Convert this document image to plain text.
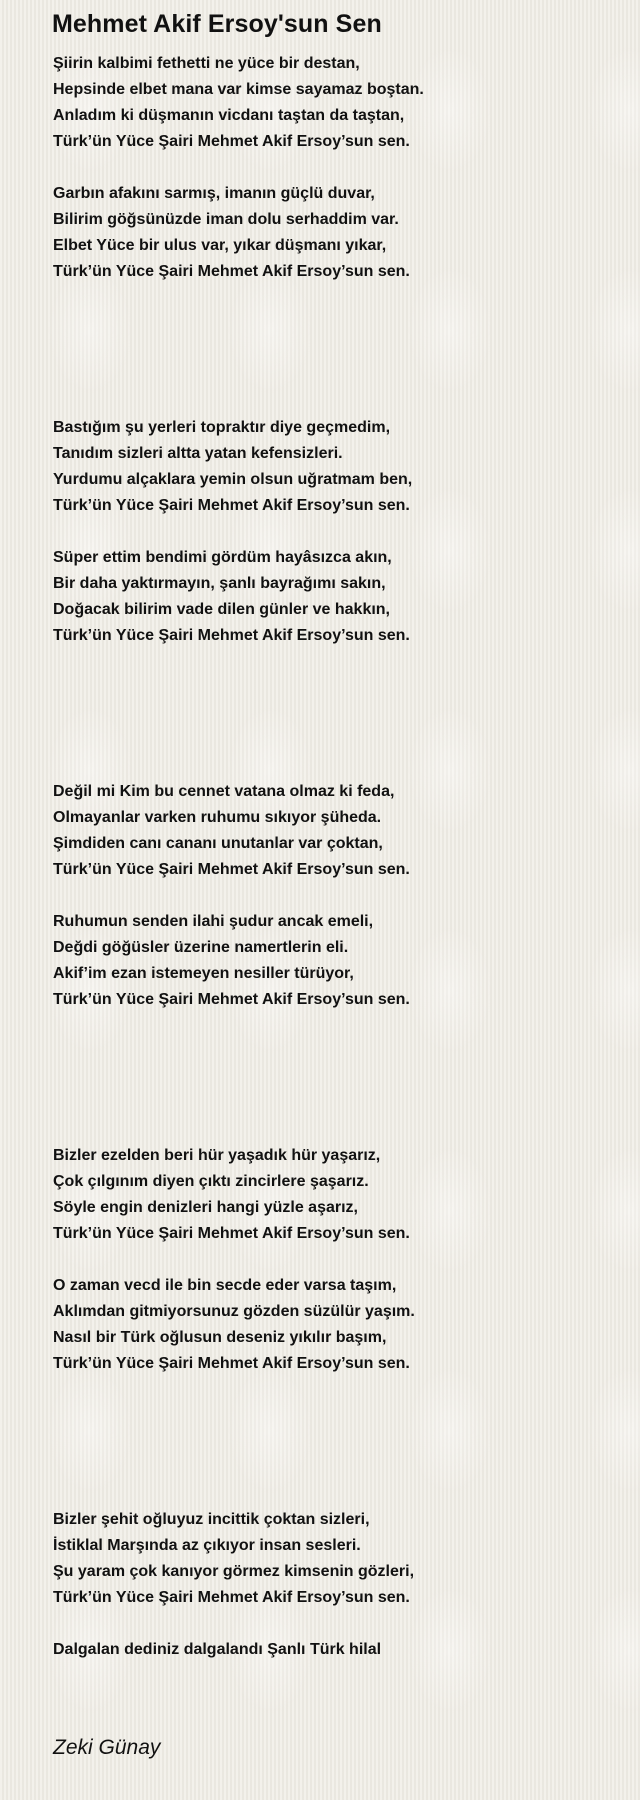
Mehmet Akif Ersoy'sun Sen
Şiirin kalbimi fethetti ne yüce bir destan,
Hepsinde elbet mana var kimse sayamaz boştan.
Anladım ki düşmanın vicdanı taştan da taştan,
Türk’ün Yüce Şairi Mehmet Akif Ersoy’sun sen.
Garbın afakını sarmış, imanın güçlü duvar,
Bilirim göğsünüzde iman dolu serhaddim var.
Elbet Yüce bir ulus var, yıkar düşmanı yıkar,
Türk’ün Yüce Şairi Mehmet Akif Ersoy’sun sen.
Bastığım şu yerleri topraktır diye geçmedim,
Tanıdım sizleri altta yatan kefensizleri.
Yurdumu alçaklara yemin olsun uğratmam ben,
Türk’ün Yüce Şairi Mehmet Akif Ersoy’sun sen.
Süper ettim bendimi gördüm hayâsızca akın,
Bir daha yaktırmayın, şanlı bayrağımı sakın,
Doğacak bilirim vade dilen günler ve hakkın,
Türk’ün Yüce Şairi Mehmet Akif Ersoy’sun sen.
Değil mi Kim bu cennet vatana olmaz ki feda,
Olmayanlar varken ruhumu sıkıyor şüheda.
Şimdiden canı cananı unutanlar var çoktan,
Türk’ün Yüce Şairi Mehmet Akif Ersoy’sun sen.
Ruhumun senden ilahi şudur ancak emeli,
Değdi göğüsler üzerine namertlerin eli.
Akif’im ezan istemeyen nesiller türüyor,
Türk’ün Yüce Şairi Mehmet Akif Ersoy’sun sen.
Bizler ezelden beri hür yaşadık hür yaşarız,
Çok çılgınım diyen çıktı zincirlere şaşarız.
Söyle engin denizleri hangi yüzle aşarız,
Türk’ün Yüce Şairi Mehmet Akif Ersoy’sun sen.
O zaman vecd ile bin secde eder varsa taşım,
Aklımdan gitmiyorsunuz gözden süzülür yaşım.
Nasıl bir Türk oğlusun deseniz yıkılır başım,
Türk’ün Yüce Şairi Mehmet Akif Ersoy’sun sen.
Bizler şehit oğluyuz incittik çoktan sizleri,
İstiklal Marşında az çıkıyor insan sesleri.
Şu yaram çok kanıyor görmez kimsenin gözleri,
Türk’ün Yüce Şairi Mehmet Akif Ersoy’sun sen.
Dalgalan dediniz dalgalandı Şanlı Türk hilal
Zeki Günay
